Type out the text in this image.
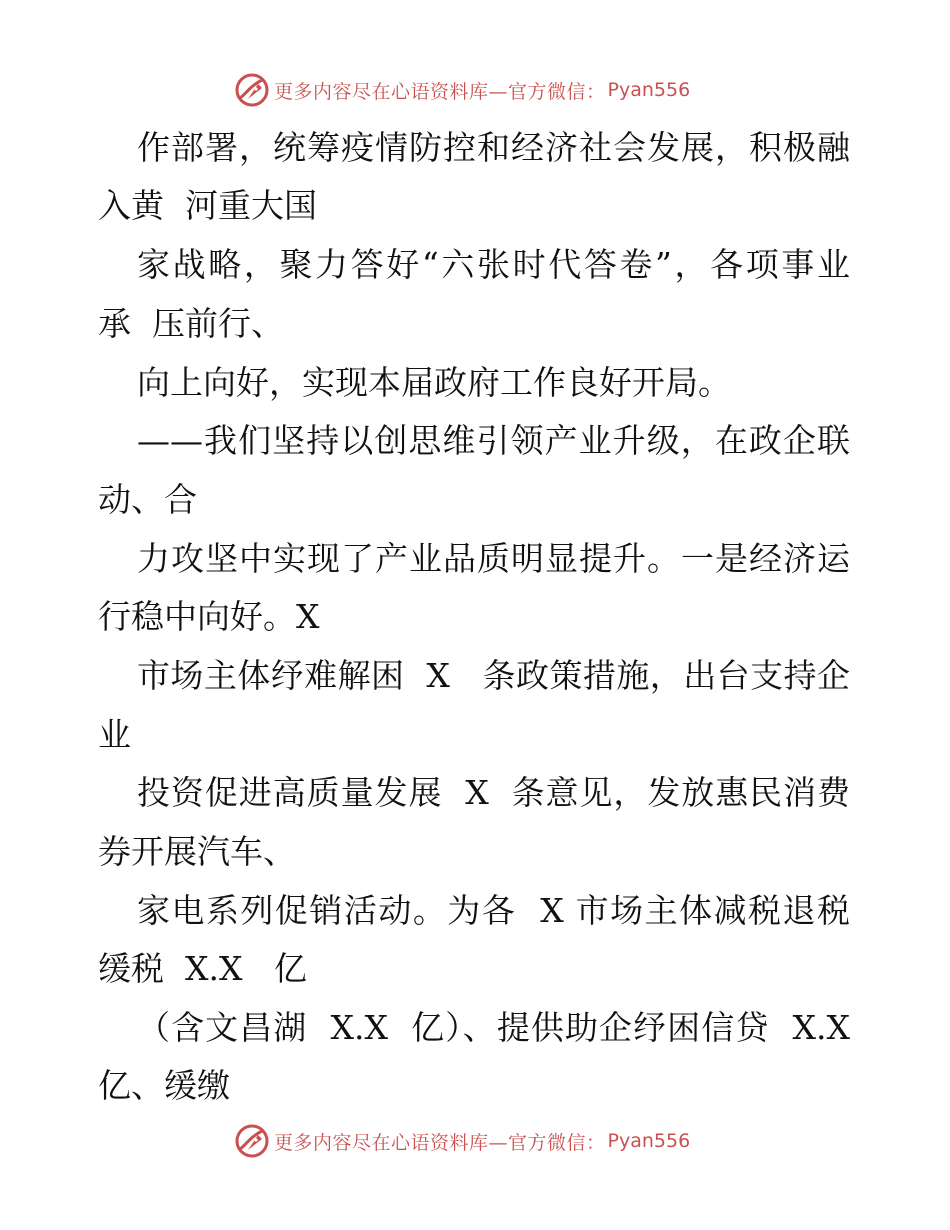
更多内容尽在心语资料库—官方微信： Pyan556
作部署，统筹疫情防控和经济社会发展，积极融
入黄  河重大国
家战略，聚力答好“六张时代答卷”，各项事业
承  压前行、
向上向好，实现本届政府工作良好开局。
——我们坚持以创思维引领产业升级，在政企联
动、合
力攻坚中实现了产业品质明显提升。一是经济运
行稳中向好。X
市场主体纾难解困  X   条政策措施，出台支持企
业
投资促进高质量发展  X  条意见，发放惠民消费
券开展汽车、
家电系列促销活动。为各  X 市场主体减税退税
缓税  X.X   亿
（含文昌湖  X.X  亿）、提供助企纾困信贷  X.X
亿、缓缴
更多内容尽在心语资料库—官方微信： Pyan556
